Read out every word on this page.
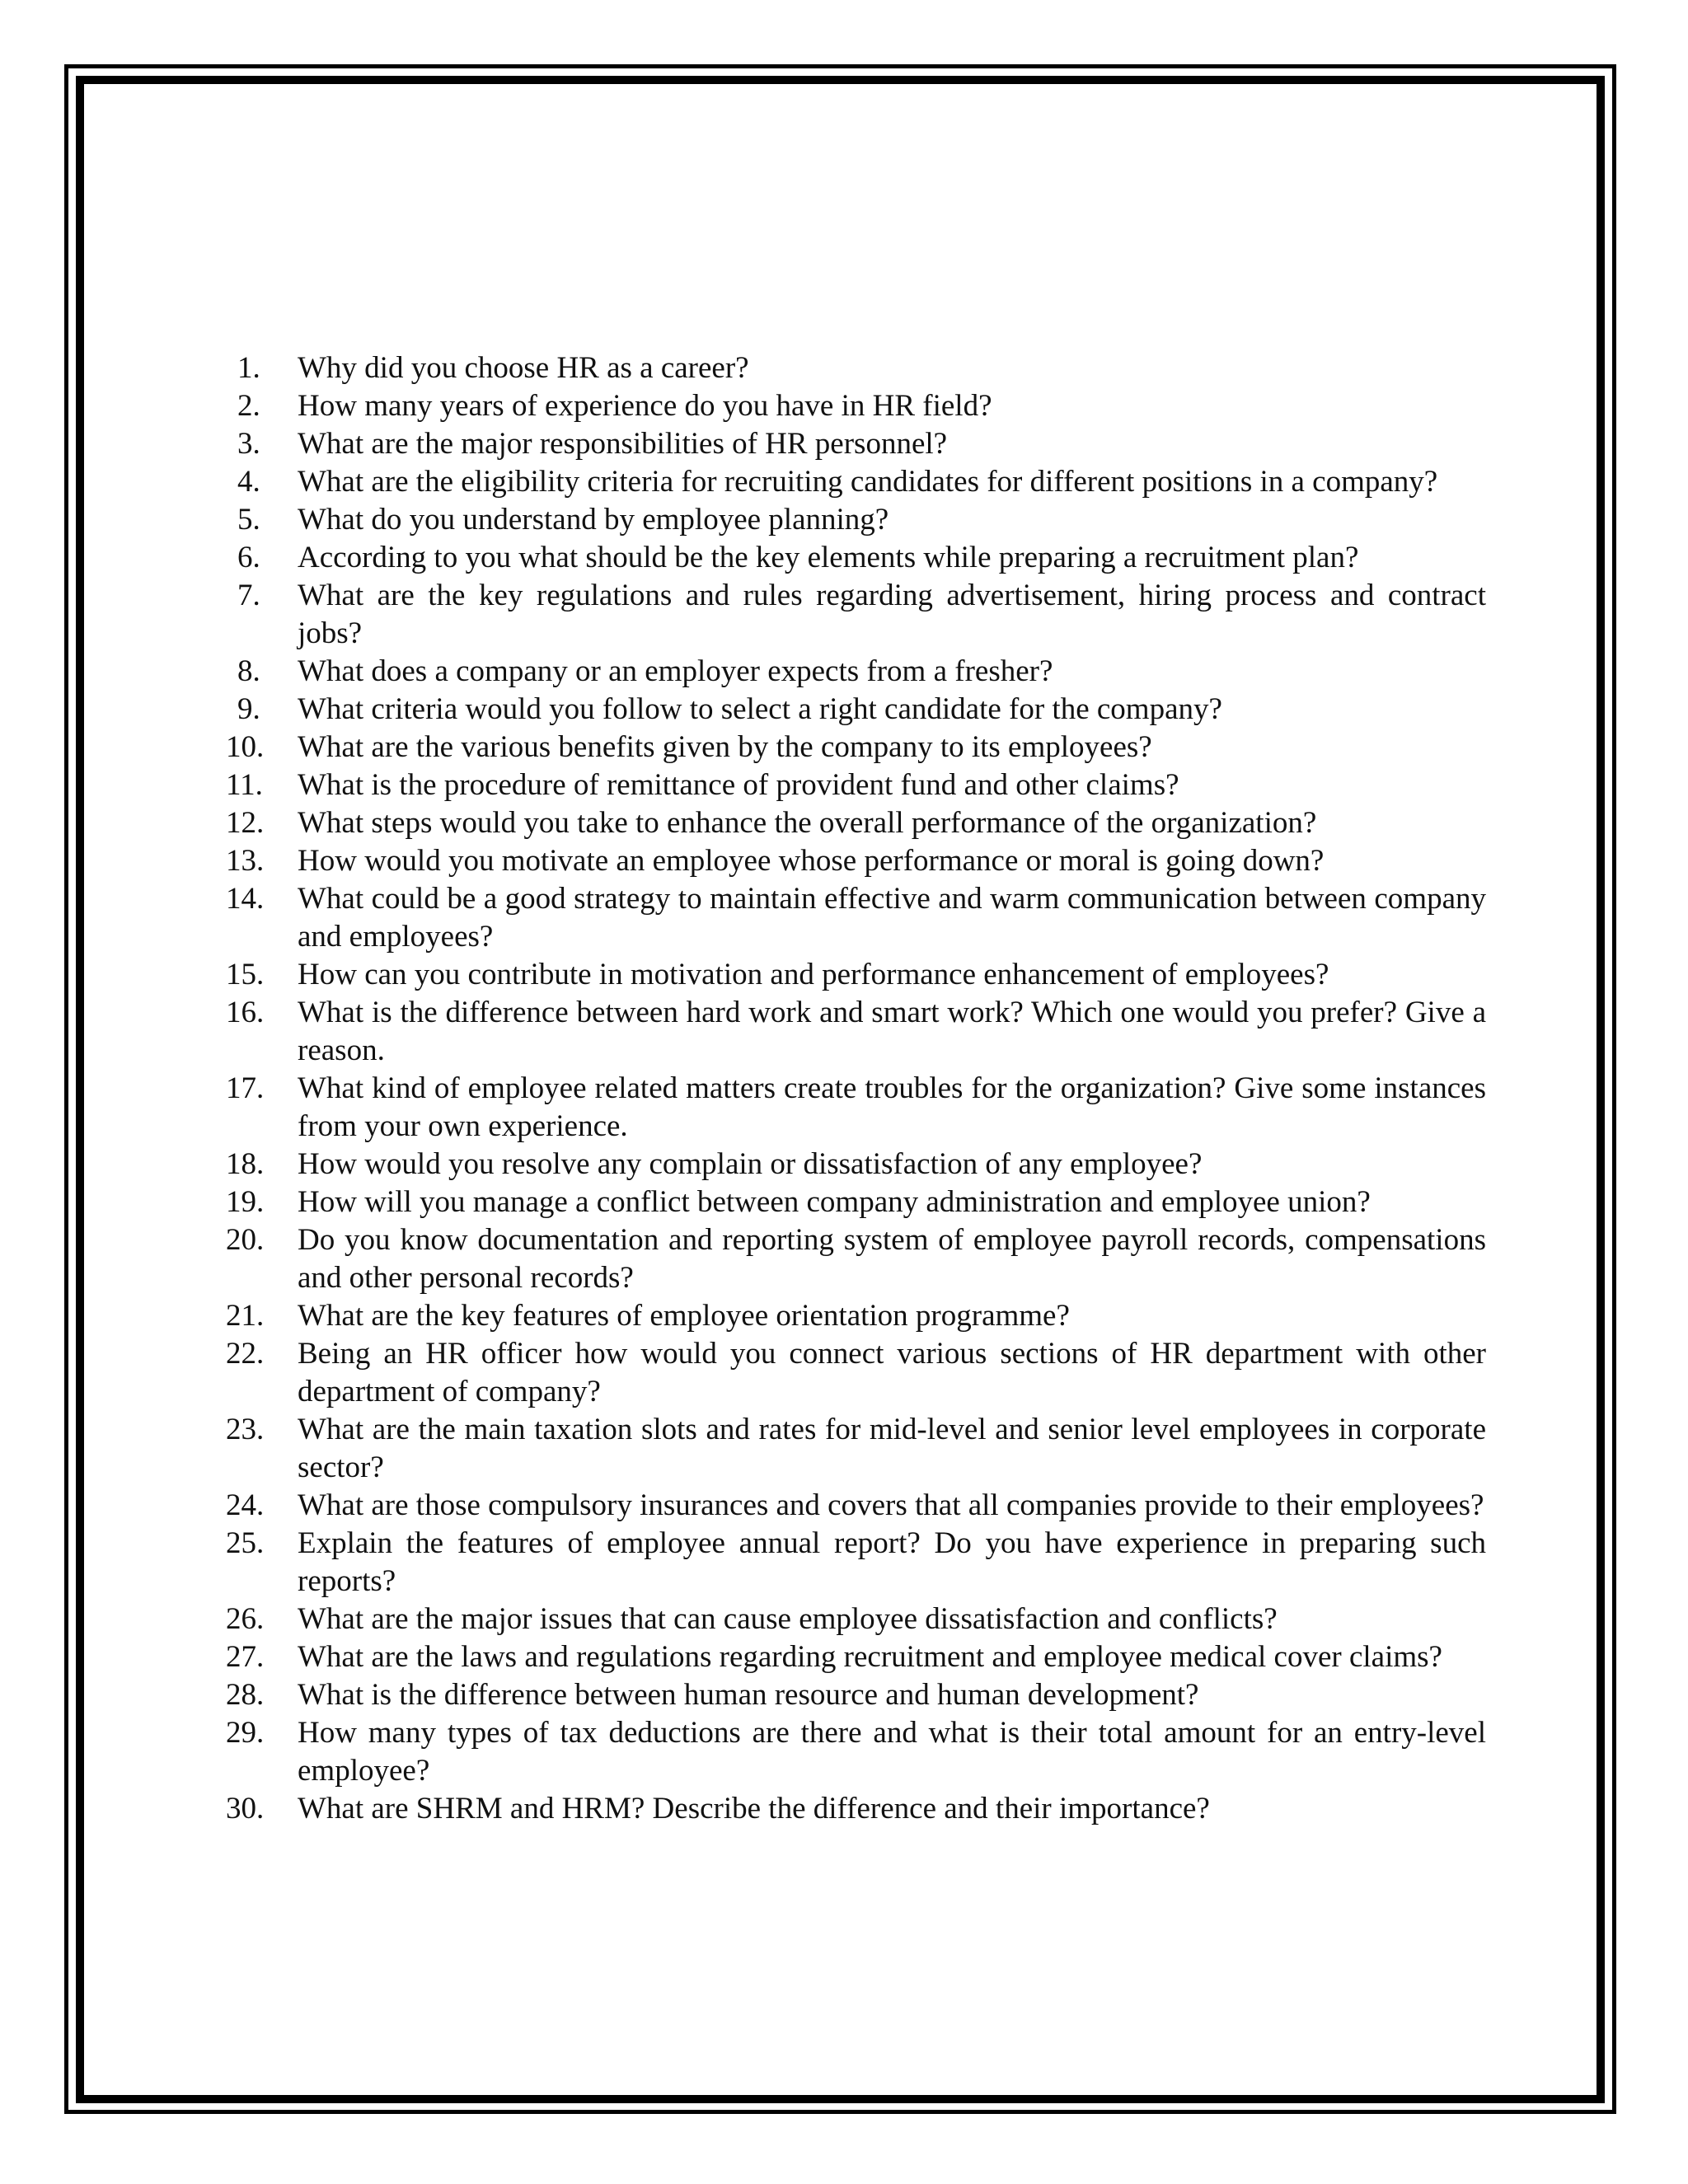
1.	Why did you choose HR as a career?
2.	How many years of experience do you have in HR field?
3.	What are the major responsibilities of HR personnel?
4.	What are the eligibility criteria for recruiting candidates for different positions in a company?
5.	What do you understand by employee planning?
6.	According to you what should be the key elements while preparing a recruitment plan?
7.	What are the key regulations and rules regarding advertisement, hiring process and contract jobs?
8.	What does a company or an employer expects from a fresher?
9.	What criteria would you follow to select a right candidate for the company?
10.	What are the various benefits given by the company to its employees?
11.	What is the procedure of remittance of provident fund and other claims?
12.	What steps would you take to enhance the overall performance of the organization?
13.	How would you motivate an employee whose performance or moral is going down?
14.	What could be a good strategy to maintain effective and warm communication between company and employees?
15.	How can you contribute in motivation and performance enhancement of employees?
16.	What is the difference between hard work and smart work? Which one would you prefer? Give a reason.
17.	What kind of employee related matters create troubles for the organization? Give some instances from your own experience.
18.	How would you resolve any complain or dissatisfaction of any employee?
19.	How will you manage a conflict between company administration and employee union?
20.	Do you know documentation and reporting system of employee payroll records, compensations and other personal records?
21.	What are the key features of employee orientation programme?
22.	Being an HR officer how would you connect various sections of HR department with other department of company?
23.	What are the main taxation slots and rates for mid-level and senior level employees in corporate sector?
24.	What are those compulsory insurances and covers that all companies provide to their employees?
25.	Explain the features of employee annual report? Do you have experience in preparing such reports?
26.	What are the major issues that can cause employee dissatisfaction and conflicts?
27.	What are the laws and regulations regarding recruitment and employee medical cover claims?
28.	What is the difference between human resource and human development?
29.	How many types of tax deductions are there and what is their total amount for an entry-level employee?
30.	What are SHRM and HRM? Describe the difference and their importance?
